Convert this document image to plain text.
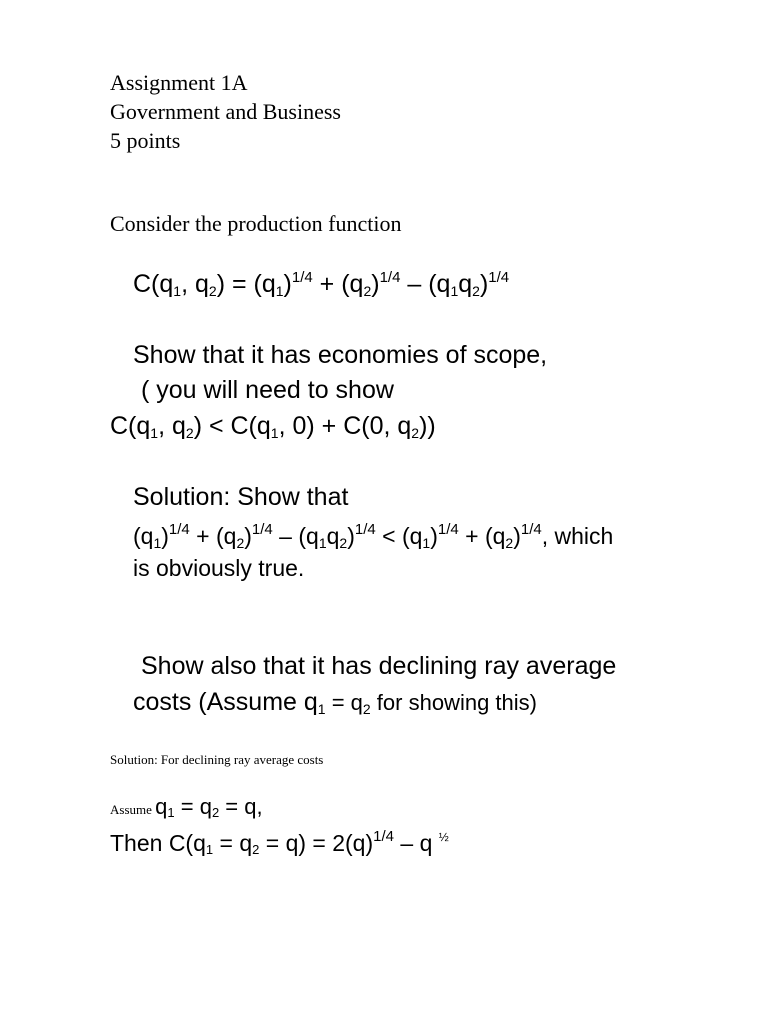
Assignment 1A
Government and Business
5 points
Consider the production function
$C(q_1$, $q_2) = (q_1)^{1/4} + (q_2)^{1/4} - (q_1q_2)^{1/4}$
Show that it has economies of scope,
( you will need to show
$C(q_1$, $q_2) < C(q_1$, 0) + C(0, $q_2$))
Solution: Show that
$(q_1)^{1/4} + (q_2)^{1/4} - (q_1q_2)^{1/4} < (q_1)^{1/4} + (q_2)^{1/4}$, which
is obviously true.
Show also that it has declining ray average
costs (Assume $q_1 = q_2$ for showing this)
Solution: For declining ray average costs
Assume q1 = q2 = q,
Then $C(q1 = q2 = q) = 2(q)^{1/4} - q$ $^{\frac{1}{2}}$
